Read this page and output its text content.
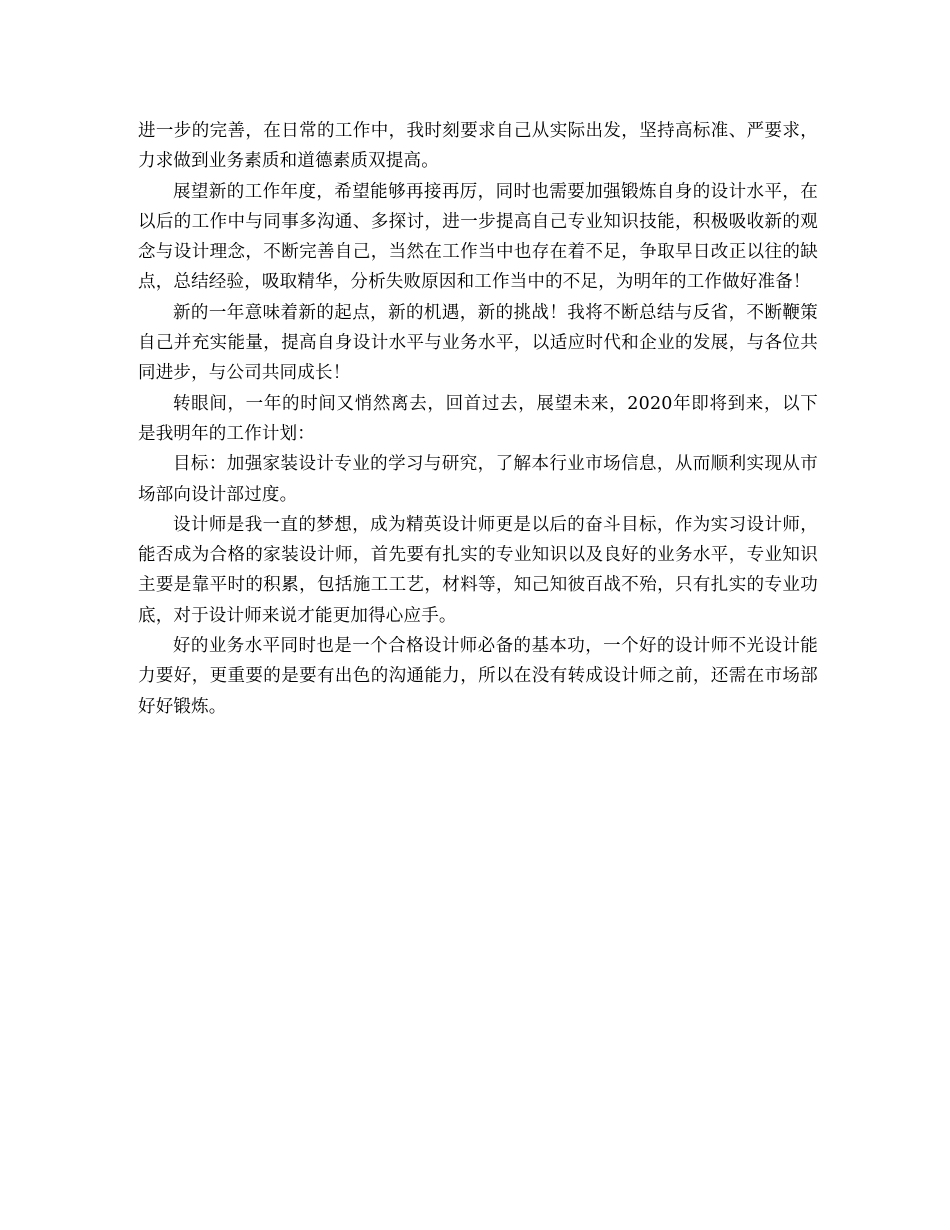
进一步的完善，在日常的工作中，我时刻要求自己从实际出发，坚持高标准、严要求，力求做到业务素质和道德素质双提高。

展望新的工作年度，希望能够再接再厉，同时也需要加强锻炼自身的设计水平，在以后的工作中与同事多沟通、多探讨，进一步提高自己专业知识技能，积极吸收新的观念与设计理念，不断完善自己，当然在工作当中也存在着不足，争取早日改正以往的缺点，总结经验，吸取精华，分析失败原因和工作当中的不足，为明年的工作做好准备！

新的一年意味着新的起点，新的机遇，新的挑战！我将不断总结与反省，不断鞭策自己并充实能量，提高自身设计水平与业务水平，以适应时代和企业的发展，与各位共同进步，与公司共同成长！

转眼间，一年的时间又悄然离去，回首过去，展望未来，2020年即将到来，以下是我明年的工作计划：

目标：加强家装设计专业的学习与研究，了解本行业市场信息，从而顺利实现从市场部向设计部过度。

设计师是我一直的梦想，成为精英设计师更是以后的奋斗目标，作为实习设计师，能否成为合格的家装设计师，首先要有扎实的专业知识以及良好的业务水平，专业知识主要是靠平时的积累，包括施工工艺，材料等，知己知彼百战不殆，只有扎实的专业功底，对于设计师来说才能更加得心应手。

好的业务水平同时也是一个合格设计师必备的基本功，一个好的设计师不光设计能力要好，更重要的是要有出色的沟通能力，所以在没有转成设计师之前，还需在市场部好好锻炼。
